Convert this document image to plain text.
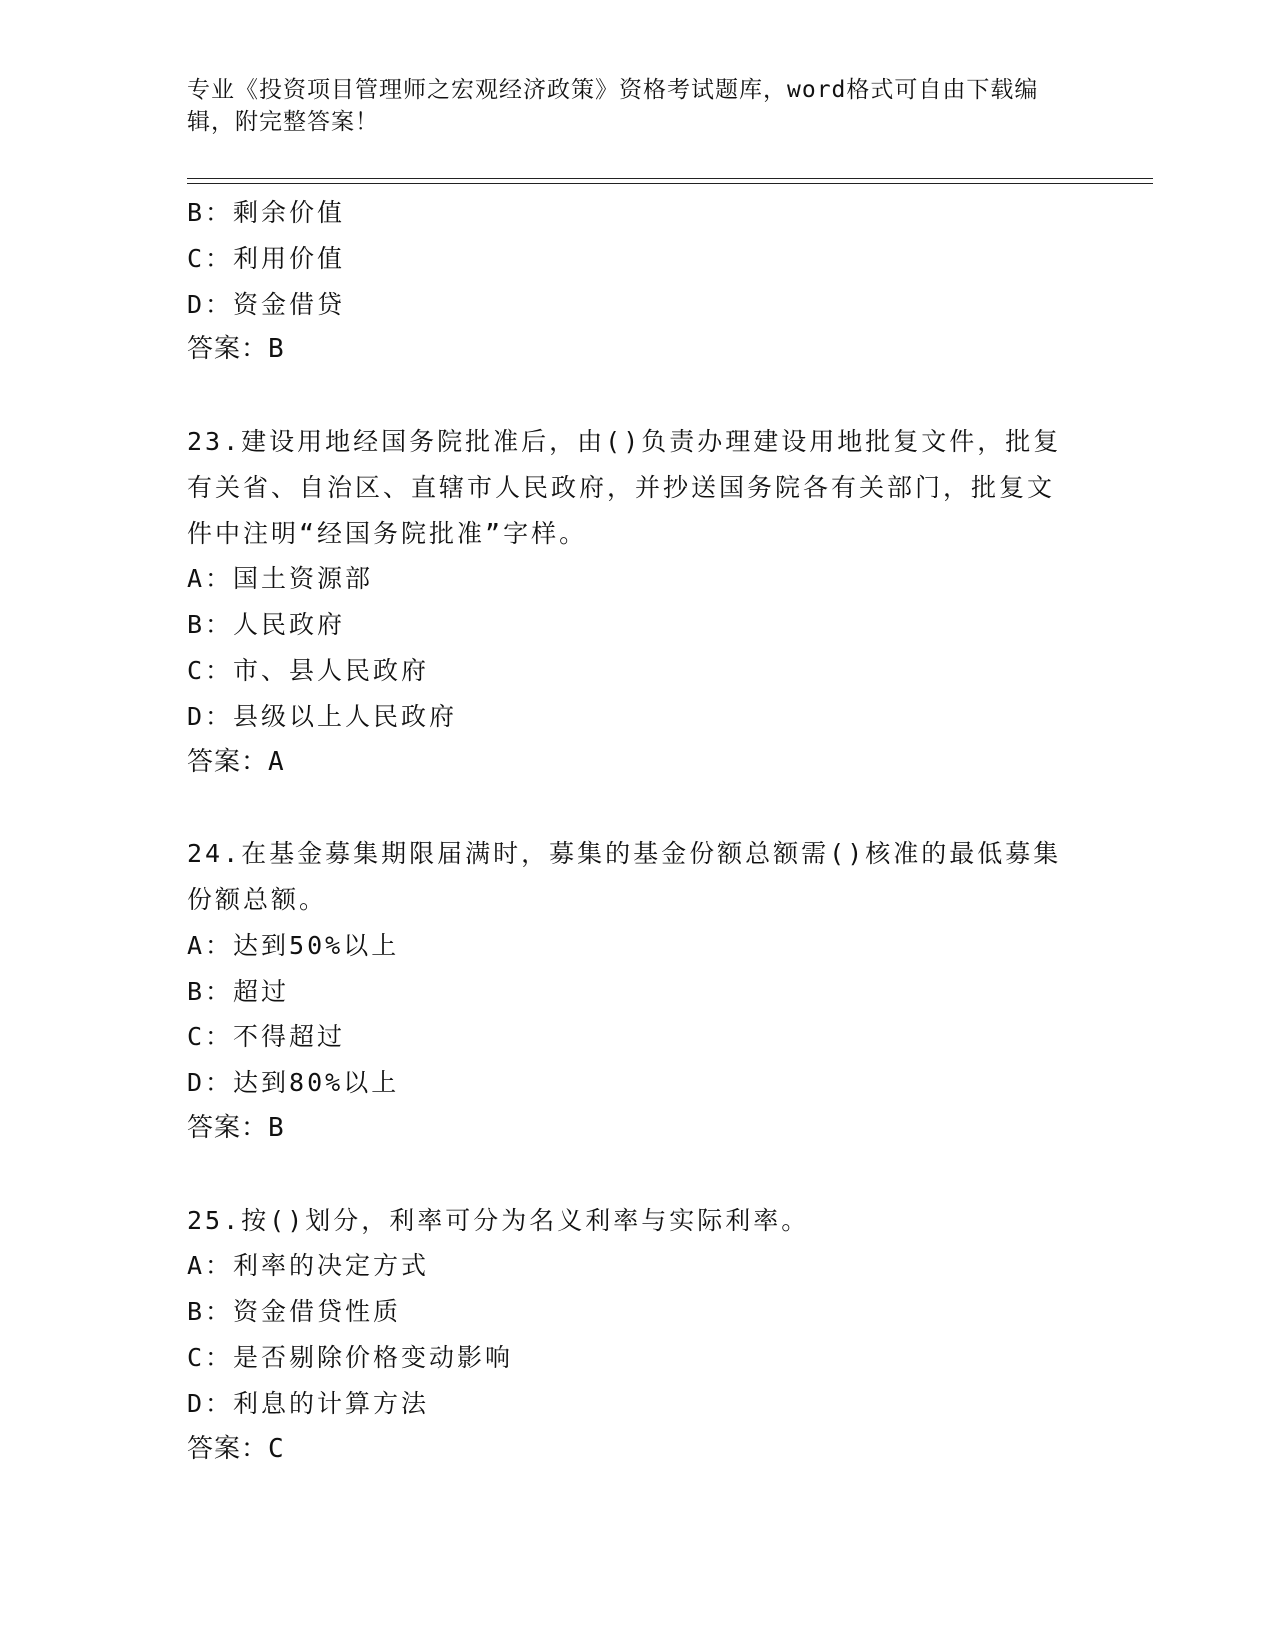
专业《投资项目管理师之宏观经济政策》资格考试题库，word格式可自由下载编辑，附完整答案！
B：剩余价值
C：利用价值
D：资金借贷
答案：B
23.建设用地经国务院批准后，由()负责办理建设用地批复文件，批复有关省、自治区、直辖市人民政府，并抄送国务院各有关部门，批复文件中注明“经国务院批准”字样。
A：国土资源部
B：人民政府
C：市、县人民政府
D：县级以上人民政府
答案：A
24.在基金募集期限届满时，募集的基金份额总额需()核准的最低募集份额总额。
A：达到50%以上
B：超过
C：不得超过
D：达到80%以上
答案：B
25.按()划分，利率可分为名义利率与实际利率。
A：利率的决定方式
B：资金借贷性质
C：是否剔除价格变动影响
D：利息的计算方法
答案：C
